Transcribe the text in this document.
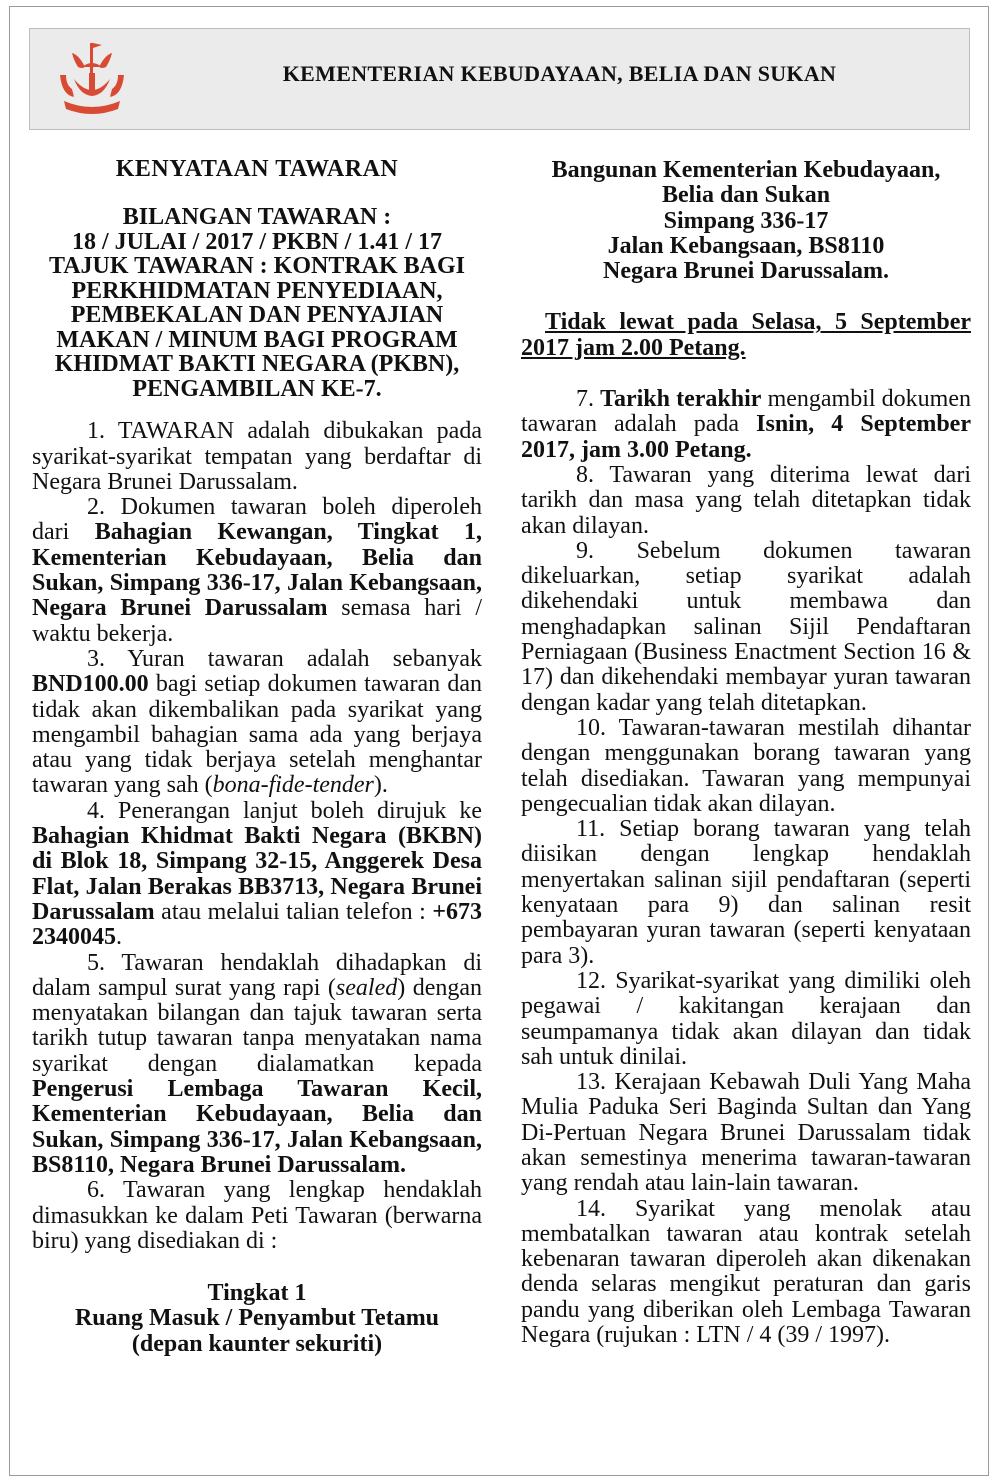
KEMENTERIAN KEBUDAYAAN, BELIA DAN SUKAN

KENYATAAN TAWARAN

BILANGAN TAWARAN :

18 / JULAI / 2017 / PKBN / 1.41 / 17

TAJUK TAWARAN : KONTRAK BAGI PERKHIDMATAN PENYEDIAAN, PEMBEKALAN DAN PENYAJIAN MAKAN / MINUM BAGI PROGRAM KHIDMAT BAKTI NEGARA (PKBN), PENGAMBILAN KE-7.

1. TAWARAN adalah dibukakan pada syarikat-syarikat tempatan yang berdaftar di Negara Brunei Darussalam.

2. Dokumen tawaran boleh diperoleh dari Bahagian Kewangan, Tingkat 1, Kementerian Kebudayaan, Belia dan Sukan, Simpang 336-17, Jalan Kebangsaan, Negara Brunei Darussalam semasa hari / waktu bekerja.

3. Yuran tawaran adalah sebanyak BND100.00 bagi setiap dokumen tawaran dan tidak akan dikembalikan pada syarikat yang mengambil bahagian sama ada yang berjaya atau yang tidak berjaya setelah menghantar tawaran yang sah (bona-fide-tender).

4. Penerangan lanjut boleh dirujuk ke Bahagian Khidmat Bakti Negara (BKBN) di Blok 18, Simpang 32-15, Anggerek Desa Flat, Jalan Berakas BB3713, Negara Brunei Darussalam atau melalui talian telefon : +673 2340045.

5. Tawaran hendaklah dihadapkan di dalam sampul surat yang rapi (sealed) dengan menyatakan bilangan dan tajuk tawaran serta tarikh tutup tawaran tanpa menyatakan nama syarikat dengan dialamatkan kepada Pengerusi Lembaga Tawaran Kecil, Kementerian Kebudayaan, Belia dan Sukan, Simpang 336-17, Jalan Kebangsaan, BS8110, Negara Brunei Darussalam.

6. Tawaran yang lengkap hendaklah dimasukkan ke dalam Peti Tawaran (berwarna biru) yang disediakan di :

Tingkat 1

Ruang Masuk / Penyambut Tetamu

(depan kaunter sekuriti)

Bangunan Kementerian Kebudayaan,

Belia dan Sukan

Simpang 336-17

Jalan Kebangsaan, BS8110

Negara Brunei Darussalam.

Tidak lewat pada Selasa, 5 September 2017 jam 2.00 Petang.

7. Tarikh terakhir mengambil dokumen tawaran adalah pada Isnin, 4 September 2017, jam 3.00 Petang.

8. Tawaran yang diterima lewat dari tarikh dan masa yang telah ditetapkan tidak akan dilayan.

9. Sebelum dokumen tawaran dikeluarkan, setiap syarikat adalah dikehendaki untuk membawa dan menghadapkan salinan Sijil Pendaftaran Perniagaan (Business Enactment Section 16 & 17) dan dikehendaki membayar yuran tawaran dengan kadar yang telah ditetapkan.

10. Tawaran-tawaran mestilah dihantar dengan menggunakan borang tawaran yang telah disediakan. Tawaran yang mempunyai pengecualian tidak akan dilayan.

11. Setiap borang tawaran yang telah diisikan dengan lengkap hendaklah menyertakan salinan sijil pendaftaran (seperti kenyataan para 9) dan salinan resit pembayaran yuran tawaran (seperti kenyataan para 3).

12. Syarikat-syarikat yang dimiliki oleh pegawai / kakitangan kerajaan dan seumpamanya tidak akan dilayan dan tidak sah untuk dinilai.

13. Kerajaan Kebawah Duli Yang Maha Mulia Paduka Seri Baginda Sultan dan Yang Di-Pertuan Negara Brunei Darussalam tidak akan semestinya menerima tawaran-tawaran yang rendah atau lain-lain tawaran.

14. Syarikat yang menolak atau membatalkan tawaran atau kontrak setelah kebenaran tawaran diperoleh akan dikenakan denda selaras mengikut peraturan dan garis pandu yang diberikan oleh Lembaga Tawaran Negara (rujukan : LTN / 4 (39 / 1997).
